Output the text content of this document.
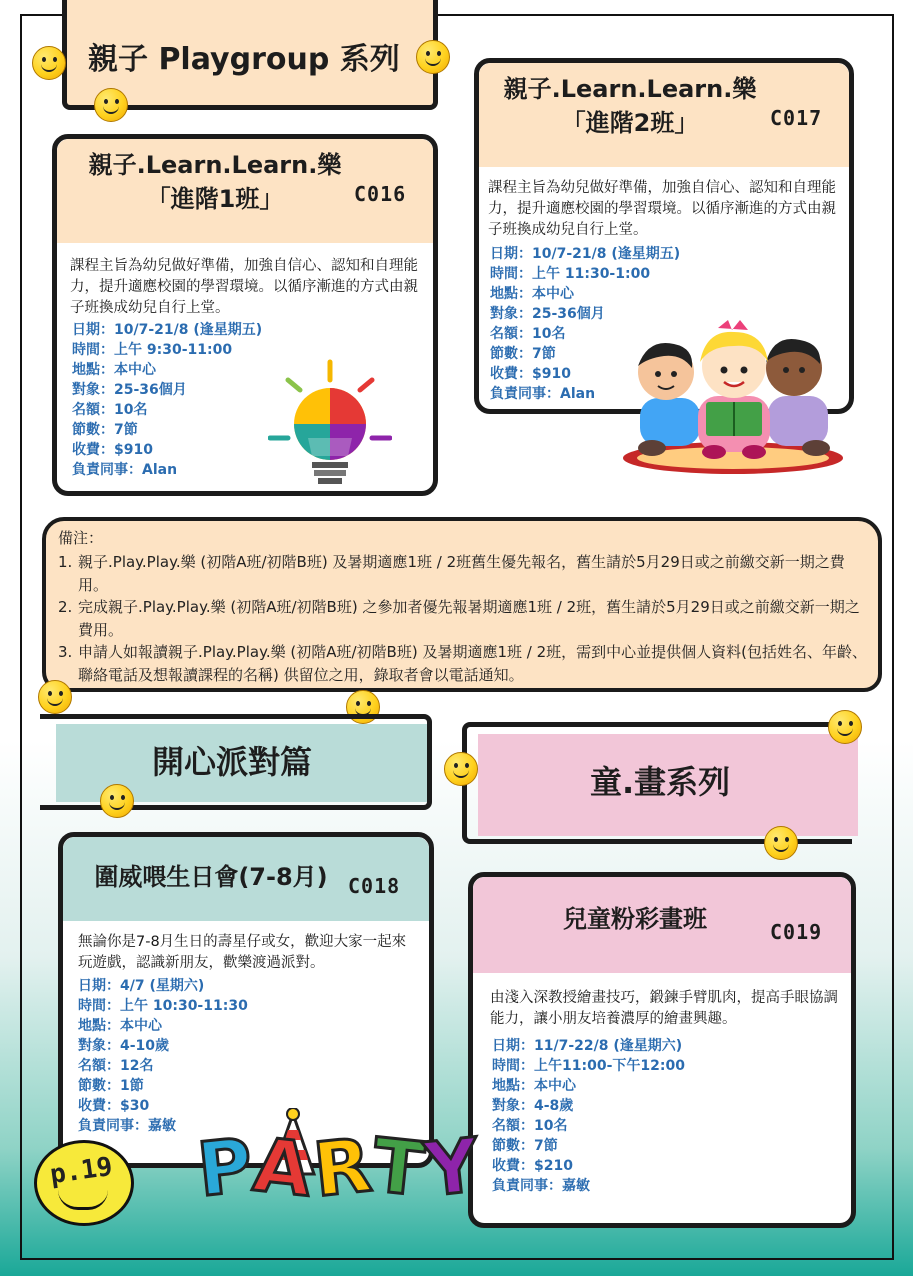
親子 Playgroup 系列
親子.Learn.Learn.樂
「進階1班」	C016
課程主旨為幼兒做好準備，加強自信心、認知和自理能力，提升適應校園的學習環境。以循序漸進的方式由親子班換成幼兒自行上堂。
日期：10/7-21/8 (逢星期五)
時間：上午 9:30-11:00
地點：本中心
對象：25-36個月
名額：10名
節數：7節
收費：$910
負責同事：Alan
親子.Learn.Learn.樂
「進階2班」	C017
課程主旨為幼兒做好準備，加強自信心、認知和自理能力，提升適應校園的學習環境。以循序漸進的方式由親子班換成幼兒自行上堂。
日期：10/7-21/8 (逢星期五)
時間：上午 11:30-1:00
地點：本中心
對象：25-36個月
名額：10名
節數：7節
收費：$910
負責同事：Alan
備注：
1. 親子.Play.Play.樂 (初階A班/初階B班) 及暑期適應1班 / 2班舊生優先報名，舊生請於5月29日或之前繳交新一期之費用。
2. 完成親子.Play.Play.樂 (初階A班/初階B班) 之參加者優先報暑期適應1班 / 2班，舊生請於5月29日或之前繳交新一期之費用。
3. 申請人如報讀親子.Play.Play.樂 (初階A班/初階B班) 及暑期適應1班 / 2班，需到中心並提供個人資料(包括姓名、年齡、聯絡電話及想報讀課程的名稱) 供留位之用，錄取者會以電話通知。
開心派對篇
童.畫系列
圍威喂生日會(7-8月)	C018
無論你是7-8月生日的壽星仔或女，歡迎大家一起來玩遊戲，認識新朋友，歡樂渡過派對。
日期：4/7 (星期六)
時間：上午 10:30-11:30
地點：本中心
對象：4-10歲
名額：12名
節數：1節
收費：$30
負責同事：嘉敏
兒童粉彩畫班	C019
由淺入深教授繪畫技巧，鍛鍊手臂肌肉，提高手眼協調能力，讓小朋友培養濃厚的繪畫興趣。
日期：11/7-22/8 (逢星期六)
時間：上午11:00-下午12:00
地點：本中心
對象：4-8歲
名額：10名
節數：7節
收費：$210
負責同事：嘉敏
p.19 PARTY
